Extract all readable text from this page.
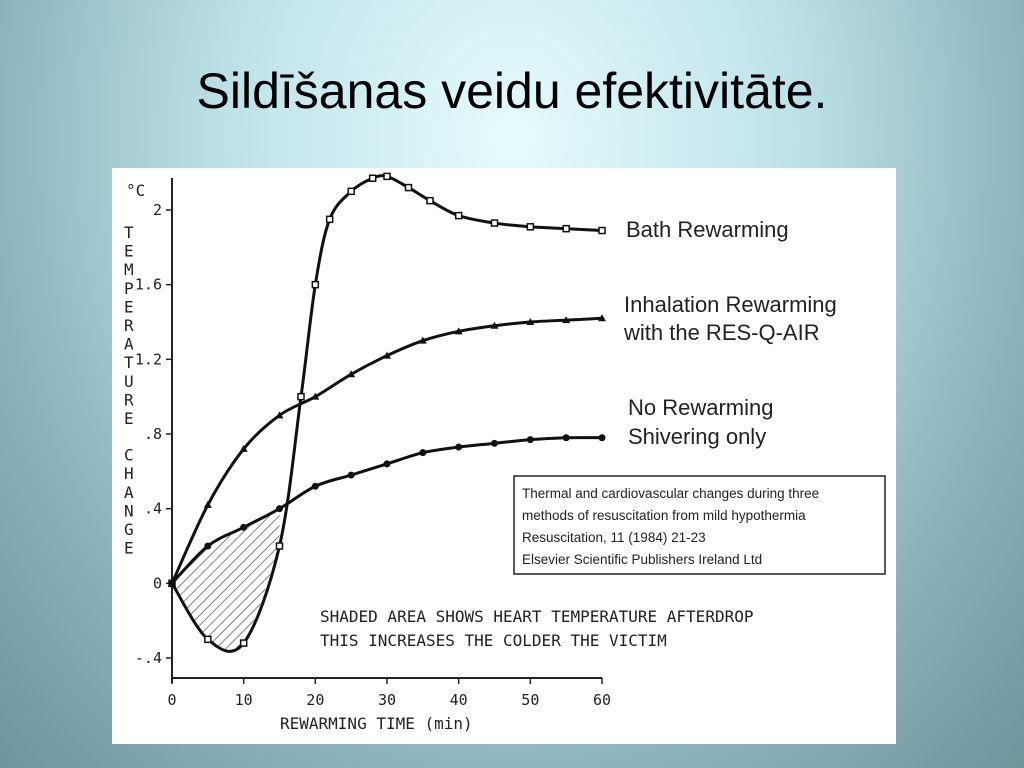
Sildīšanas veidu efektivitāte.
0	10	20	30	40	50	60
-.4
0
.4
.8
1.2
1.6
2
°C
T
E
M
P
E
R
A
T
U
R
E
C
H
A
N
G
E
REWARMING TIME (min)
Bath Rewarming
Inhalation Rewarming
with the RES-Q-AIR
No Rewarming
Shivering only
Thermal and cardiovascular changes during three
methods of resuscitation from mild hypothermia
Resuscitation, 11 (1984) 21-23
Elsevier Scientific Publishers Ireland Ltd
SHADED AREA SHOWS HEART TEMPERATURE AFTERDROP
THIS INCREASES THE COLDER THE VICTIM
